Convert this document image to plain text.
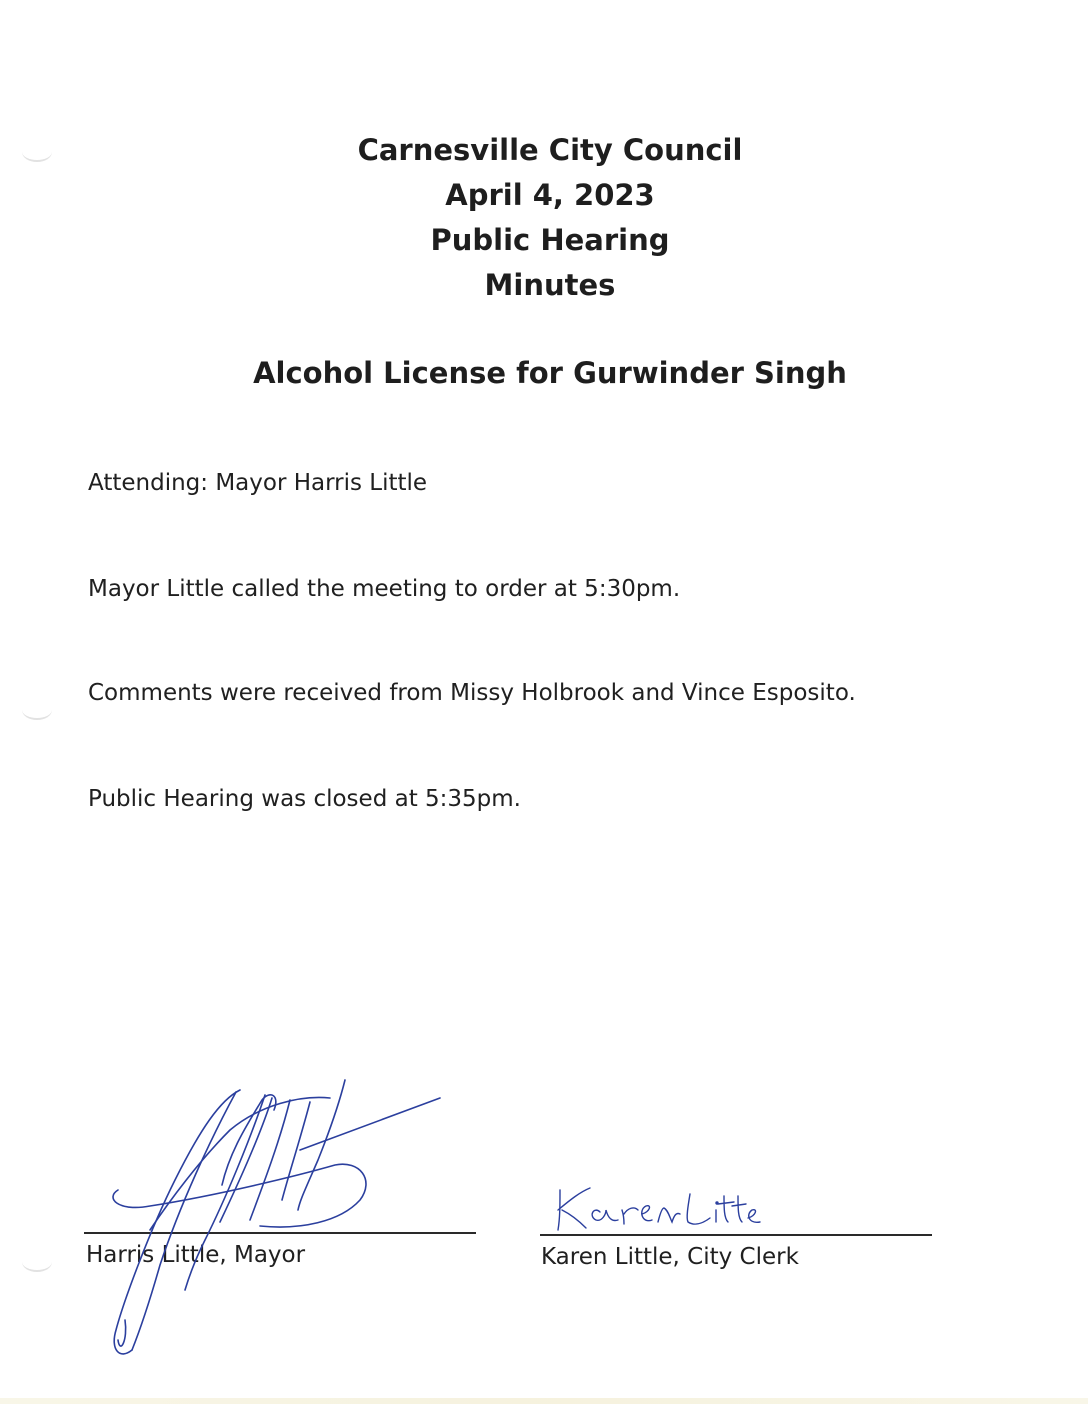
Carnesville City Council
April 4, 2023
Public Hearing
Minutes
Alcohol License for Gurwinder Singh
Attending: Mayor Harris Little
Mayor Little called the meeting to order at 5:30pm.
Comments were received from Missy Holbrook and Vince Esposito.
Public Hearing was closed at 5:35pm.
Harris Little, Mayor	Karen Little, City Clerk
